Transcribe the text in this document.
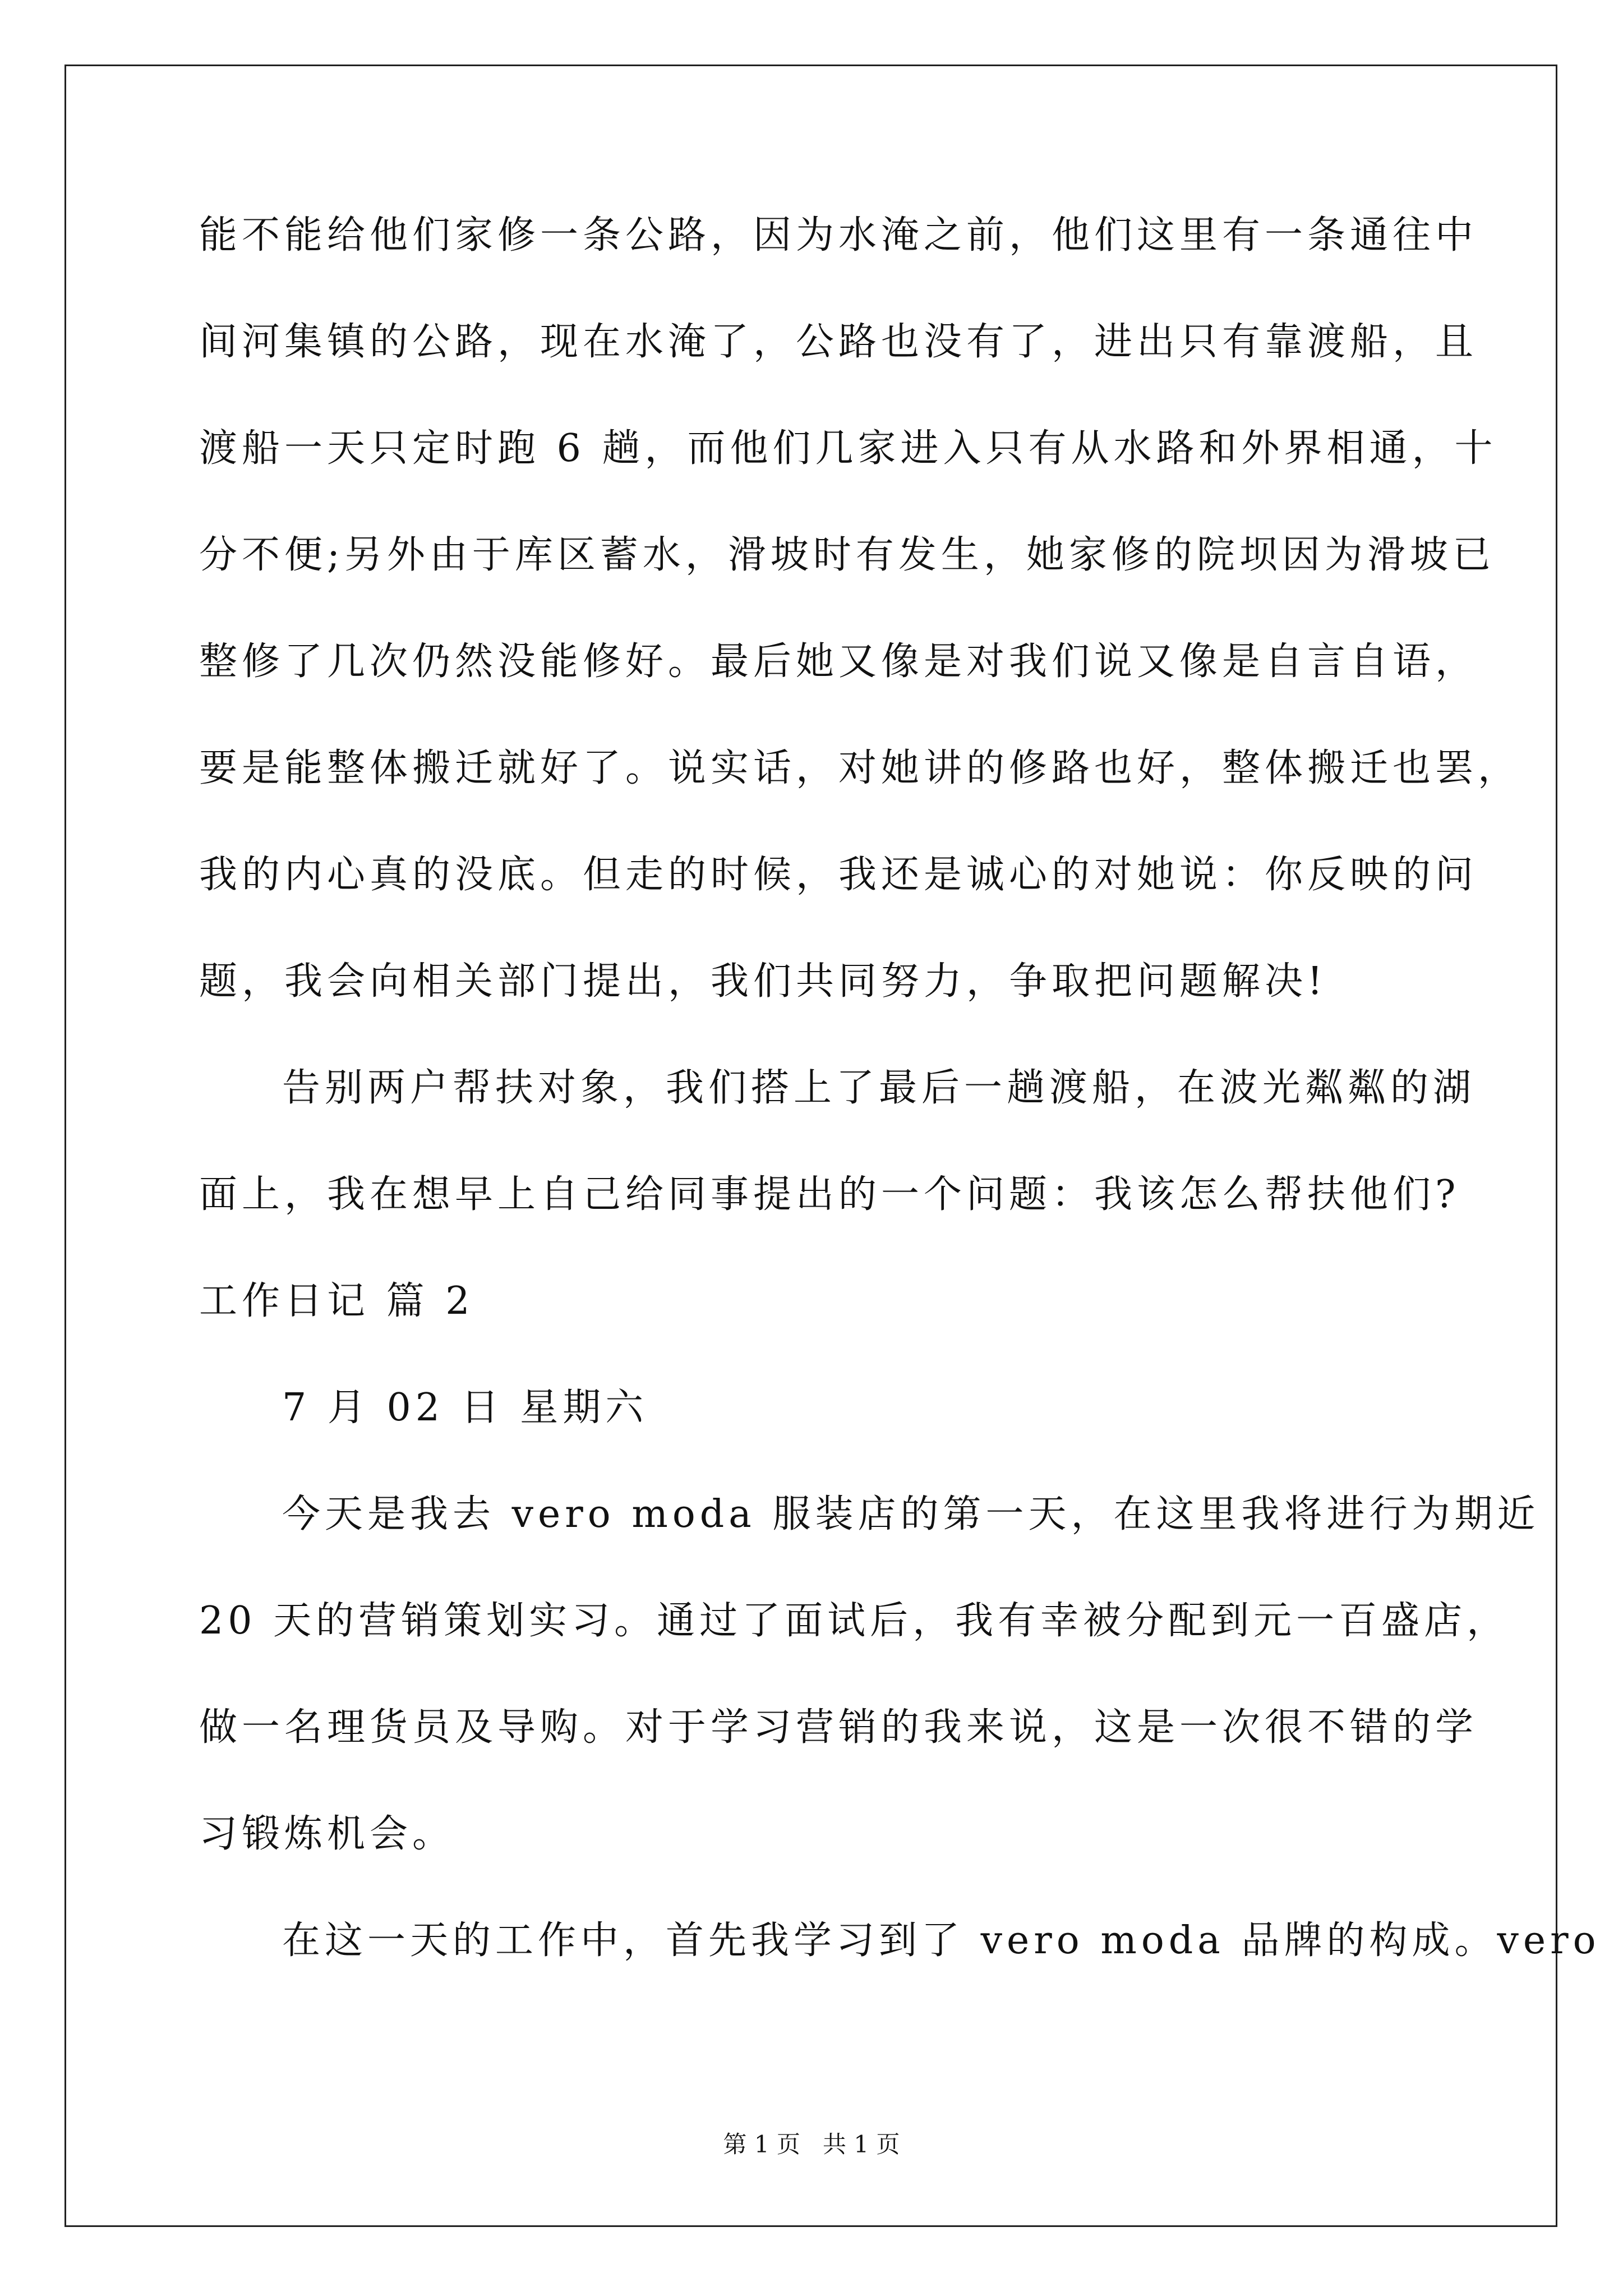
能不能给他们家修一条公路，因为水淹之前，他们这里有一条通往中
间河集镇的公路，现在水淹了，公路也没有了，进出只有靠渡船，且
渡船一天只定时跑 6 趟，而他们几家进入只有从水路和外界相通，十
分不便;另外由于库区蓄水，滑坡时有发生，她家修的院坝因为滑坡已
整修了几次仍然没能修好。最后她又像是对我们说又像是自言自语，
要是能整体搬迁就好了。说实话，对她讲的修路也好，整体搬迁也罢，
我的内心真的没底。但走的时候，我还是诚心的对她说：你反映的问
题，我会向相关部门提出，我们共同努力，争取把问题解决!
告别两户帮扶对象，我们搭上了最后一趟渡船，在波光粼粼的湖
面上，我在想早上自己给同事提出的一个问题：我该怎么帮扶他们?
工作日记 篇 2
7 月 02 日 星期六
今天是我去 vero moda 服装店的第一天，在这里我将进行为期近
20 天的营销策划实习。通过了面试后，我有幸被分配到元一百盛店，
做一名理货员及导购。对于学习营销的我来说，这是一次很不错的学
习锻炼机会。
在这一天的工作中，首先我学习到了 vero moda 品牌的构成。vero
第 1 页   共 1 页
